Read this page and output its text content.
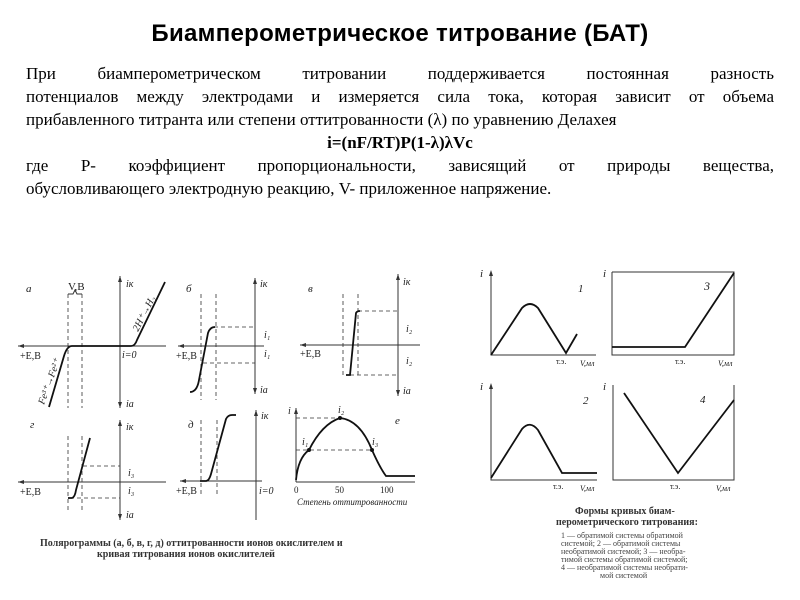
Биамперометрическое титрование (БАТ)
При биамперометрическом титровании поддерживается постоянная разность
потенциалов между электродами и измеряется сила тока, которая зависит от объема
прибавленного титранта или степени оттитрованности (λ) по уравнению Делахея
i=(nF/RT)P(1-λ)λVc
где P- коэффициент пропорциональности, зависящий от природы вещества,
обусловливающего электродную реакцию, V- приложенное напряжение.
а	V,B
+E,B
iк
iа
i=0
2H⁺→H₂
Fe³⁺→Fe²⁺
б
+E,B
iк
iа
i₁
i₁
в
+E,B
iк
iа
i₂
i₂
г
+E,B
iк
iа
i₃
i₃
д
+E,B
iк
i=0
е
i
i₁
i₂
i₃
0	50	100
Степень оттитрованности
Полярограммы (а, б, в, г, д) оттитрованности ионов окислителем и
кривая титрования ионов окислителей
i
1
т.э. V,мл
i
3
т.э.	V,мл
i
2
т.э. V,мл
i
4
т.э.	V,мл
Формы кривых биам-
перометрического титрования:
1 — обратимой системы обратимой
системой; 2 — обратимой системы
необратимой системой; 3 — необра-
тимой системы обратимой системой;
4 — необратимой системы необрати-
мой системой
